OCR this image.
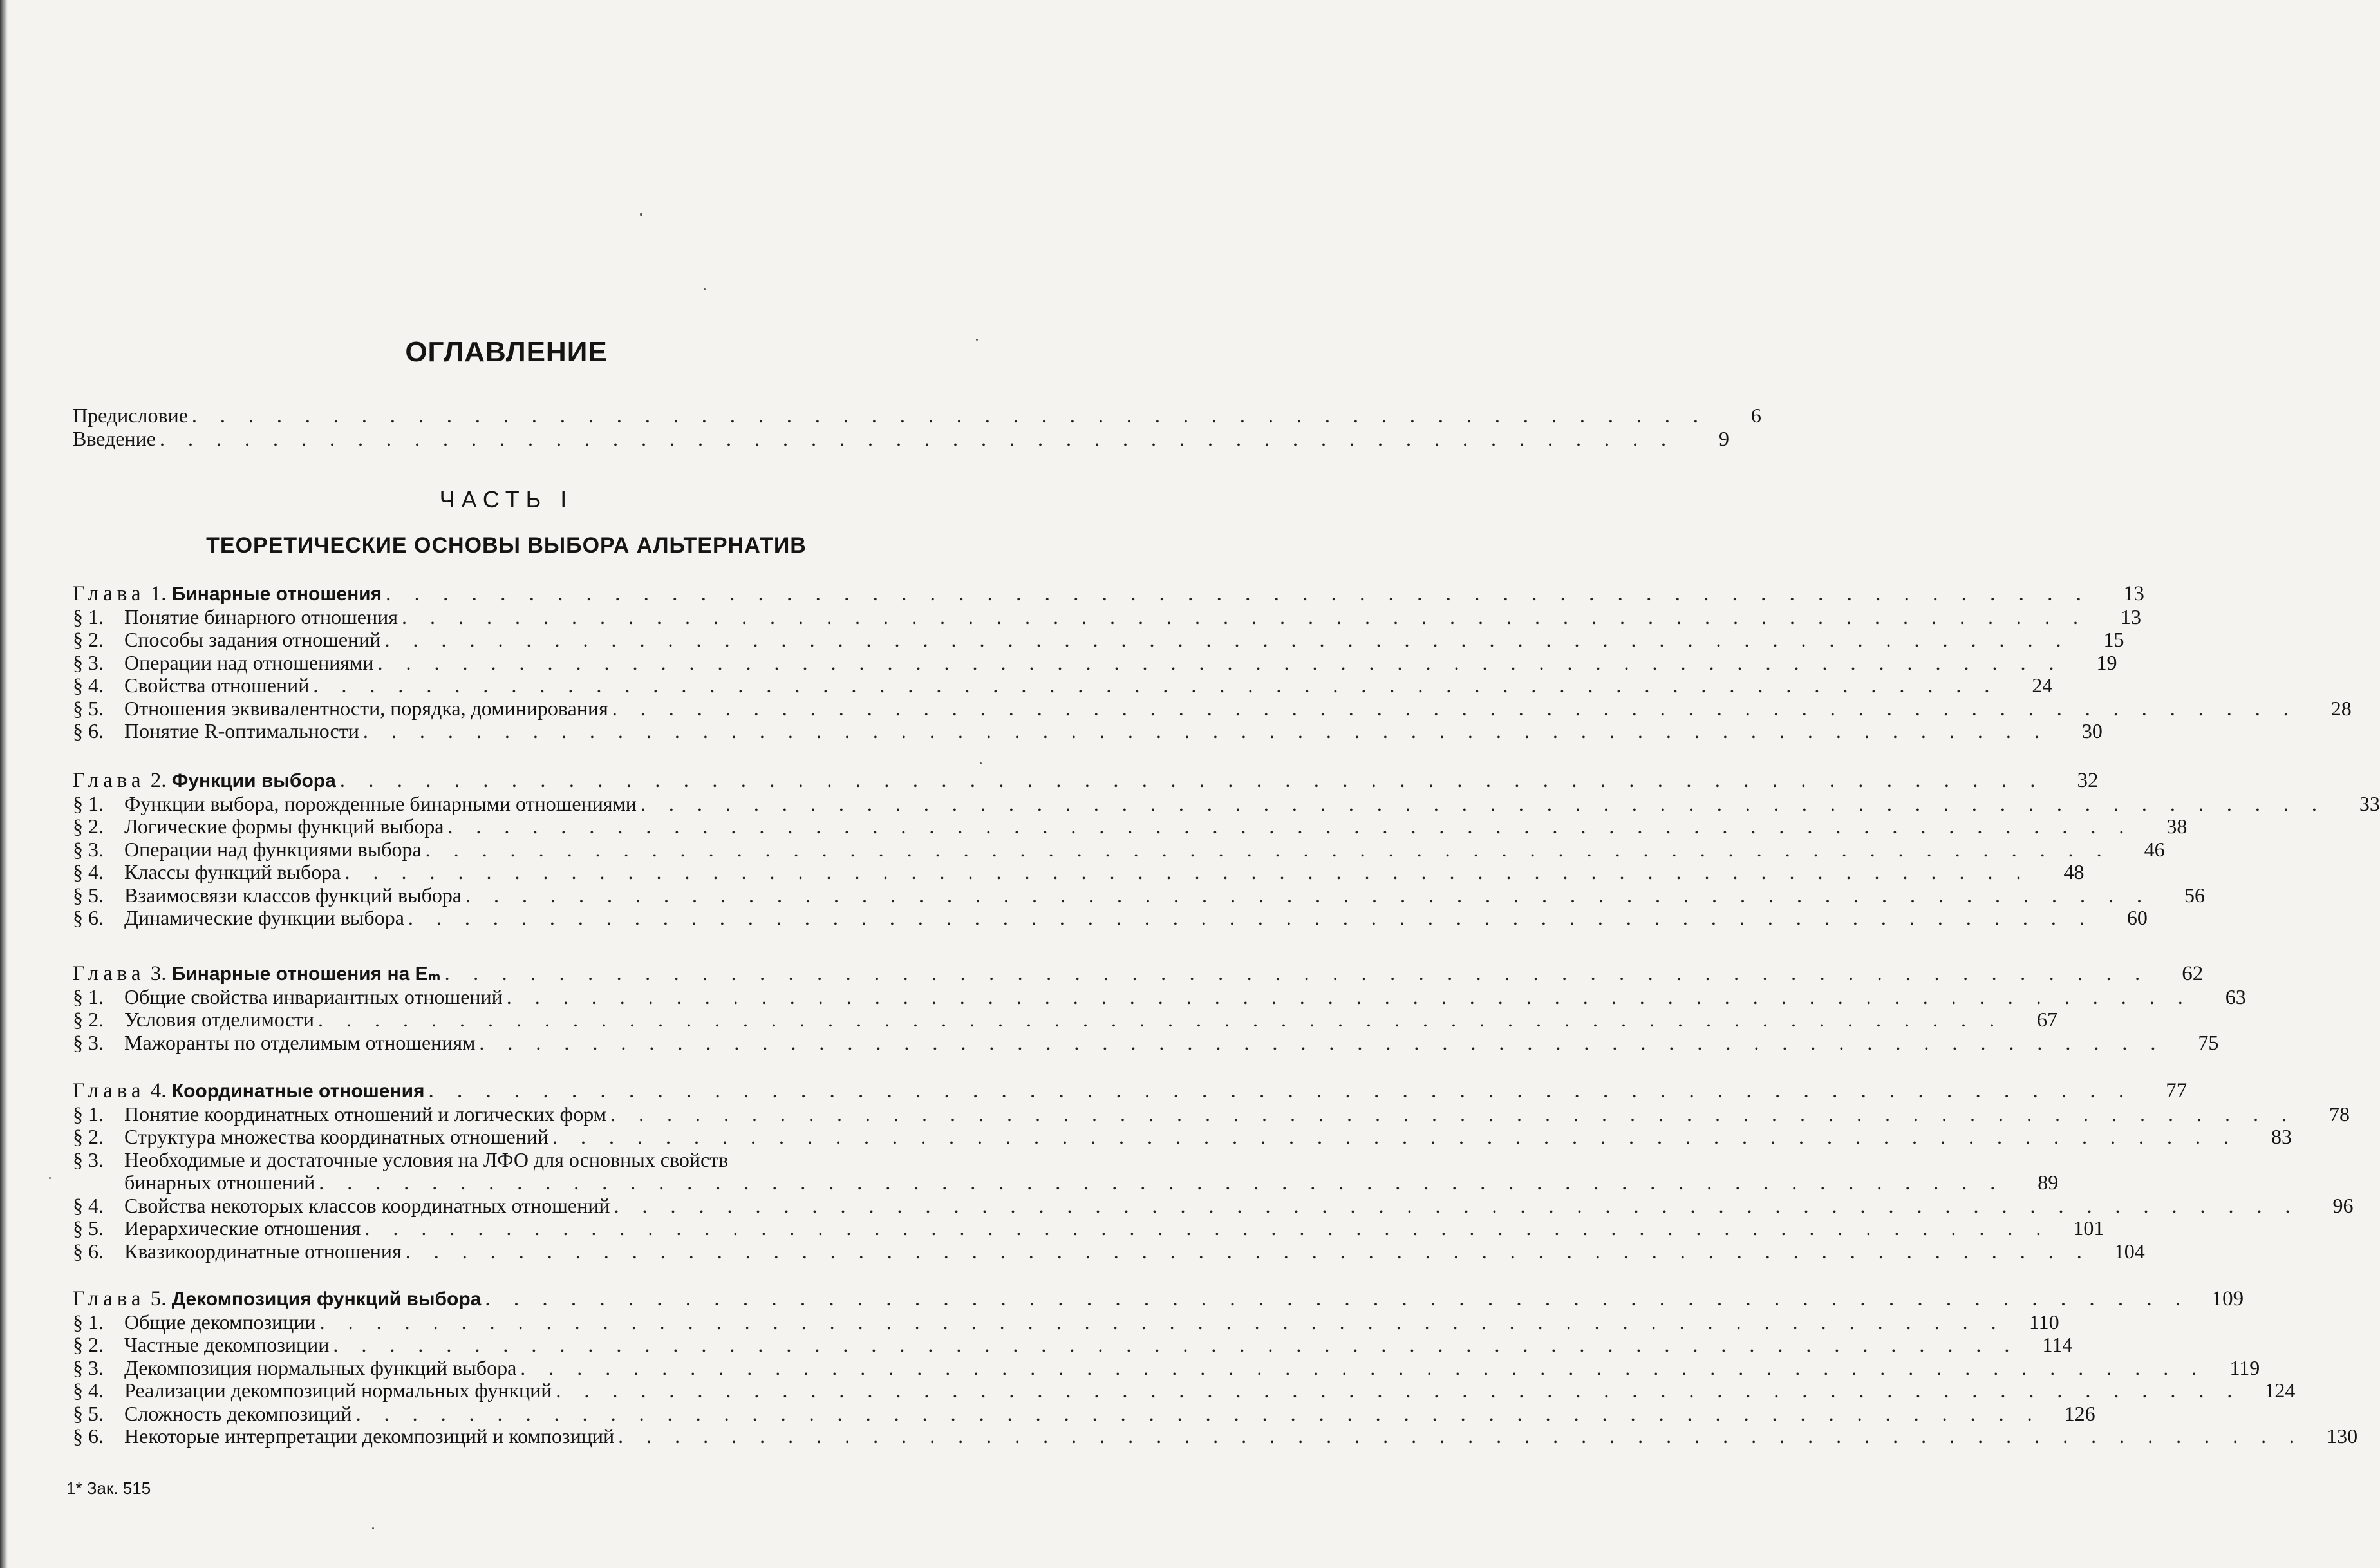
ОГЛАВЛЕНИЕ
Предисловие . . . . . . . . . . . . . . . . . . . . . . . . . . . . . . . . . . . . . . . . . . . . . . . . . . . . . .	6
Введение . . . . . . . . . . . . . . . . . . . . . . . . . . . . . . . . . . . . . . . . . . . . . . . . . . . . . .	9
ЧАСТЬ I
ТЕОРЕТИЧЕСКИЕ ОСНОВЫ ВЫБОРА АЛЬТЕРНАТИВ
Глава 1. Бинарные отношения . . . . . . . . . . . . . . . . . . . . . . . . . . . . . . . . . . . . . . . . . . . . . . . . . . . . . . . . . . . .	13
§ 1.	Понятие бинарного отношения . . . . . . . . . . . . . . . . . . . . . . . . . . . . . . . . . . . . . . . . . . . . . . . . . . . . . . . . . . . .	13
§ 2.	Способы задания отношений . . . . . . . . . . . . . . . . . . . . . . . . . . . . . . . . . . . . . . . . . . . . . . . . . . . . . . . . . . . .	15
§ 3.	Операции над отношениями . . . . . . . . . . . . . . . . . . . . . . . . . . . . . . . . . . . . . . . . . . . . . . . . . . . . . . . . . . . .	19
§ 4.	Свойства отношений . . . . . . . . . . . . . . . . . . . . . . . . . . . . . . . . . . . . . . . . . . . . . . . . . . . . . . . . . . . .	24
§ 5.	Отношения эквивалентности, порядка, доминирования . . . . . . . . . . . . . . . . . . . . . . . . . . . . . . . . . . . . . . . . . . . . . . . . . . . . . . . . . . . .	28
§ 6.	Понятие R-оптимальности . . . . . . . . . . . . . . . . . . . . . . . . . . . . . . . . . . . . . . . . . . . . . . . . . . . . . . . . . . . .	30
Глава 2. Функции выбора . . . . . . . . . . . . . . . . . . . . . . . . . . . . . . . . . . . . . . . . . . . . . . . . . . . . . . . . . . . .	32
§ 1.	Функции выбора, порожденные бинарными отношениями . . . . . . . . . . . . . . . . . . . . . . . . . . . . . . . . . . . . . . . . . . . . . . . . . . . . . . . . . . . .	33
§ 2.	Логические формы функций выбора . . . . . . . . . . . . . . . . . . . . . . . . . . . . . . . . . . . . . . . . . . . . . . . . . . . . . . . . . . . .	38
§ 3.	Операции над функциями выбора . . . . . . . . . . . . . . . . . . . . . . . . . . . . . . . . . . . . . . . . . . . . . . . . . . . . . . . . . . . .	46
§ 4.	Классы функций выбора . . . . . . . . . . . . . . . . . . . . . . . . . . . . . . . . . . . . . . . . . . . . . . . . . . . . . . . . . . . .	48
§ 5.	Взаимосвязи классов функций выбора . . . . . . . . . . . . . . . . . . . . . . . . . . . . . . . . . . . . . . . . . . . . . . . . . . . . . . . . . . . .	56
§ 6.	Динамические функции выбора . . . . . . . . . . . . . . . . . . . . . . . . . . . . . . . . . . . . . . . . . . . . . . . . . . . . . . . . . . . .	60
Глава 3. Бинарные отношения на Eₘ . . . . . . . . . . . . . . . . . . . . . . . . . . . . . . . . . . . . . . . . . . . . . . . . . . . . . . . . . . . .	62
§ 1.	Общие свойства инвариантных отношений . . . . . . . . . . . . . . . . . . . . . . . . . . . . . . . . . . . . . . . . . . . . . . . . . . . . . . . . . . . .	63
§ 2.	Условия отделимости . . . . . . . . . . . . . . . . . . . . . . . . . . . . . . . . . . . . . . . . . . . . . . . . . . . . . . . . . . . .	67
§ 3.	Мажоранты по отделимым отношениям . . . . . . . . . . . . . . . . . . . . . . . . . . . . . . . . . . . . . . . . . . . . . . . . . . . . . . . . . . . .	75
Глава 4. Координатные отношения . . . . . . . . . . . . . . . . . . . . . . . . . . . . . . . . . . . . . . . . . . . . . . . . . . . . . . . . . . . .	77
§ 1.	Понятие координатных отношений и логических форм . . . . . . . . . . . . . . . . . . . . . . . . . . . . . . . . . . . . . . . . . . . . . . . . . . . . . . . . . . . .	78
§ 2.	Структура множества координатных отношений . . . . . . . . . . . . . . . . . . . . . . . . . . . . . . . . . . . . . . . . . . . . . . . . . . . . . . . . . . . .	83
§ 3.	Необходимые и достаточные условия на ЛФО для основных свойств
бинарных отношений . . . . . . . . . . . . . . . . . . . . . . . . . . . . . . . . . . . . . . . . . . . . . . . . . . . . . . . . . . . .	89
§ 4.	Свойства некоторых классов координатных отношений . . . . . . . . . . . . . . . . . . . . . . . . . . . . . . . . . . . . . . . . . . . . . . . . . . . . . . . . . . . .	96
§ 5.	Иерархические отношения . . . . . . . . . . . . . . . . . . . . . . . . . . . . . . . . . . . . . . . . . . . . . . . . . . . . . . . . . . . .	101
§ 6.	Квазикоординатные отношения . . . . . . . . . . . . . . . . . . . . . . . . . . . . . . . . . . . . . . . . . . . . . . . . . . . . . . . . . . . .	104
Глава 5. Декомпозиция функций выбора . . . . . . . . . . . . . . . . . . . . . . . . . . . . . . . . . . . . . . . . . . . . . . . . . . . . . . . . . . . .	109
§ 1.	Общие декомпозиции . . . . . . . . . . . . . . . . . . . . . . . . . . . . . . . . . . . . . . . . . . . . . . . . . . . . . . . . . . . .	110
§ 2.	Частные декомпозиции . . . . . . . . . . . . . . . . . . . . . . . . . . . . . . . . . . . . . . . . . . . . . . . . . . . . . . . . . . . .	114
§ 3.	Декомпозиция нормальных функций выбора . . . . . . . . . . . . . . . . . . . . . . . . . . . . . . . . . . . . . . . . . . . . . . . . . . . . . . . . . . . .	119
§ 4.	Реализации декомпозиций нормальных функций . . . . . . . . . . . . . . . . . . . . . . . . . . . . . . . . . . . . . . . . . . . . . . . . . . . . . . . . . . . .	124
§ 5.	Сложность декомпозиций . . . . . . . . . . . . . . . . . . . . . . . . . . . . . . . . . . . . . . . . . . . . . . . . . . . . . . . . . . . .	126
§ 6.	Некоторые интерпретации декомпозиций и композиций . . . . . . . . . . . . . . . . . . . . . . . . . . . . . . . . . . . . . . . . . . . . . . . . . . . . . . . . . . . .	130
1* Зак. 515
